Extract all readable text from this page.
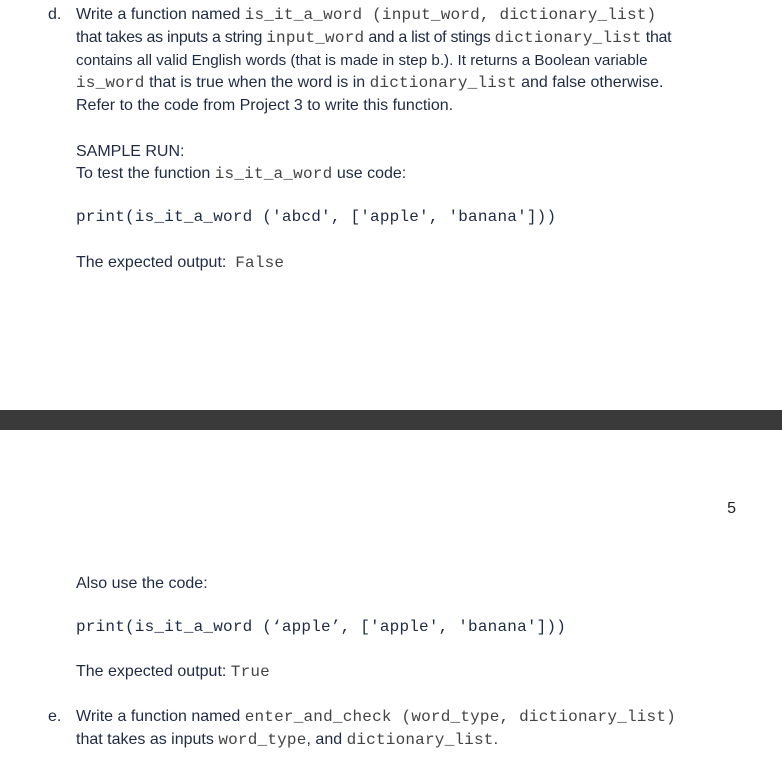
d. Write a function named is_it_a_word (input_word, dictionary_list)
that takes as inputs a string input_word and a list of stings dictionary_list that
contains all valid English words (that is made in step b.). It returns a Boolean variable
is_word that is true when the word is in dictionary_list and false otherwise.
Refer to the code from Project 3 to write this function.
SAMPLE RUN:
To test the function is_it_a_word use code:
print(is_it_a_word ('abcd', ['apple', 'banana']))
The expected output: False
5
Also use the code:
print(is_it_a_word (‘apple’, ['apple', 'banana']))
The expected output: True
e. Write a function named enter_and_check (word_type, dictionary_list)
that takes as inputs word_type, and dictionary_list.
